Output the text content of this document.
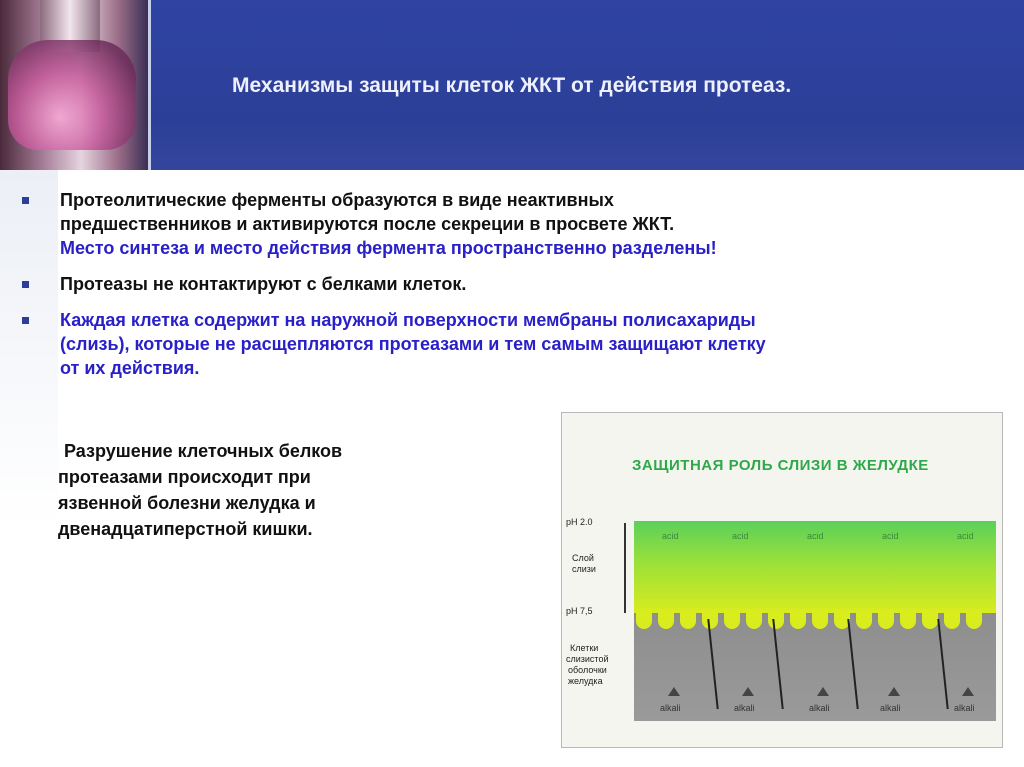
Механизмы защиты клеток ЖКТ от действия протеаз.
Протеолитические ферменты образуются в виде неактивных
предшественников и активируются после секреции в просвете ЖКТ.
Место синтеза и место действия фермента пространственно разделены!
Протеазы не контактируют с белками клеток.
Каждая клетка содержит на наружной поверхности мембраны полисахариды
(слизь), которые не расщепляются протеазами и тем самым защищают клетку
от их действия.
Разрушение клеточных белков
протеазами происходит при
язвенной болезни желудка и
двенадцатиперстной кишки.
ЗАЩИТНАЯ РОЛЬ СЛИЗИ В ЖЕЛУДКЕ
pH 2.0
Слой
слизи
pH 7,5
Клетки
слизистой
оболочки
желудка
acid	acid	acid	acid	acid
alkali	alkali	alkali	alkali	alkali
